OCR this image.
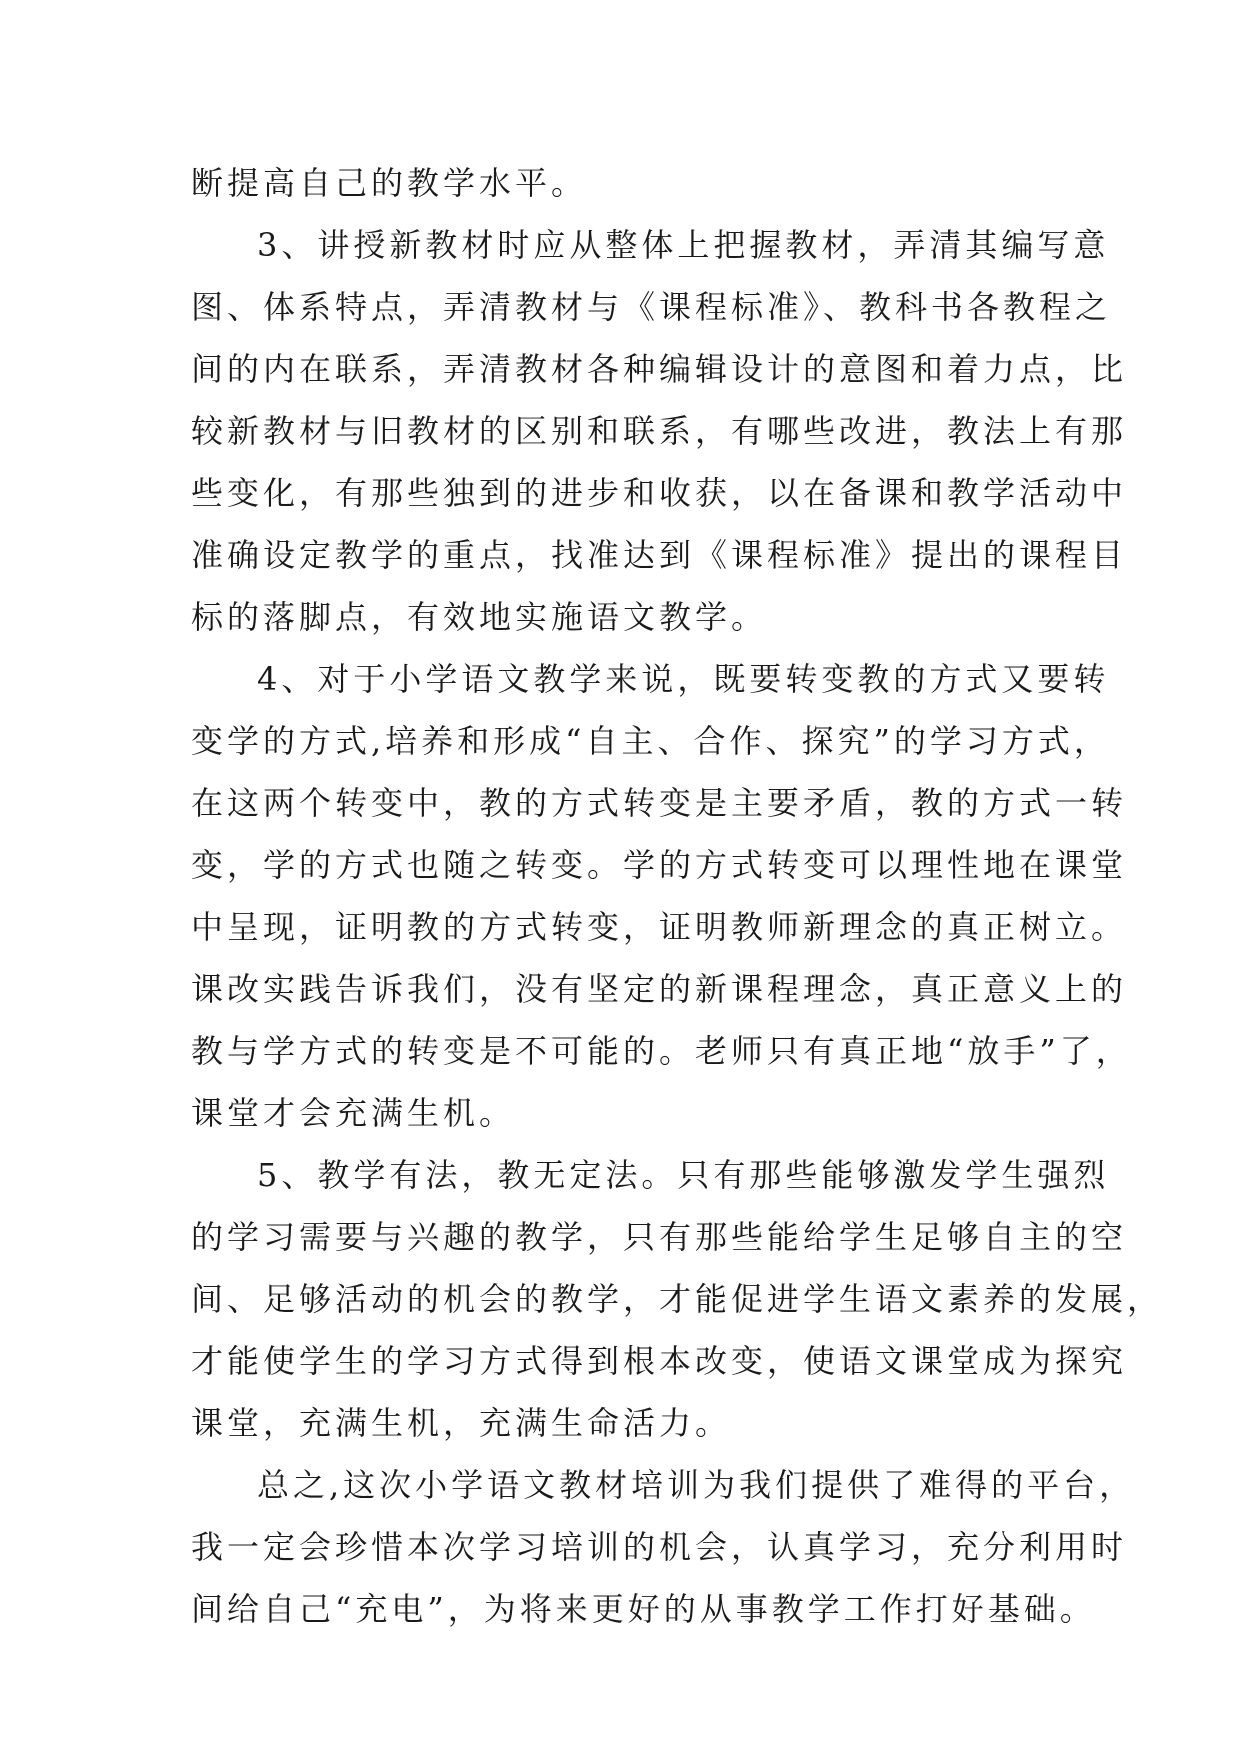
断提高自己的教学水平。
3、讲授新教材时应从整体上把握教材，弄清其编写意
图、体系特点，弄清教材与《课程标准》、教科书各教程之
间的内在联系，弄清教材各种编辑设计的意图和着力点，比
较新教材与旧教材的区别和联系，有哪些改进，教法上有那
些变化，有那些独到的进步和收获，以在备课和教学活动中
准确设定教学的重点，找准达到《课程标准》提出的课程目
标的落脚点，有效地实施语文教学。
4、对于小学语文教学来说，既要转变教的方式又要转
变学的方式,培养和形成“自主、合作、探究”的学习方式，
在这两个转变中，教的方式转变是主要矛盾，教的方式一转
变，学的方式也随之转变。学的方式转变可以理性地在课堂
中呈现，证明教的方式转变，证明教师新理念的真正树立。
课改实践告诉我们，没有坚定的新课程理念，真正意义上的
教与学方式的转变是不可能的。老师只有真正地“放手”了，
课堂才会充满生机。
5、教学有法，教无定法。只有那些能够激发学生强烈
的学习需要与兴趣的教学，只有那些能给学生足够自主的空
间、足够活动的机会的教学，才能促进学生语文素养的发展，
才能使学生的学习方式得到根本改变，使语文课堂成为探究
课堂，充满生机，充满生命活力。
总之,这次小学语文教材培训为我们提供了难得的平台，
我一定会珍惜本次学习培训的机会，认真学习，充分利用时
间给自己“充电”，为将来更好的从事教学工作打好基础。
